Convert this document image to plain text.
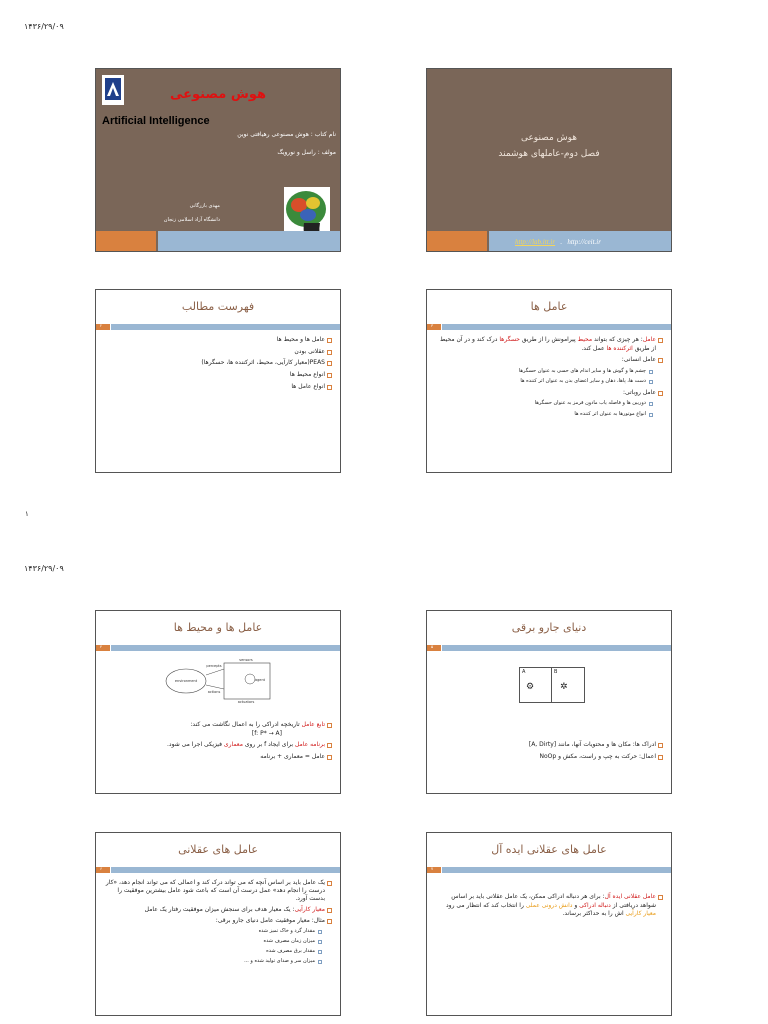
۱۴۳۶/۲۹/۰۹
۱
۱۴۳۶/۲۹/۰۹
هوش مصنوعی
Artificial Intelligence
نام کتاب : هوش مصنوعی رهیافتی نوین
مولف : راسل و نورویگ
مهدی بازرگانی
دانشگاه آزاد اسلامی زنجان
هوش مصنوعی
فصل دوم-عاملهای هوشمند
http://lab.itt.ir   .   http://ceit.ir
فهرست مطالب
۲
عامل ها و محیط ها
عقلانی بودن
PEAS(معیار کارآیی، محیط، اثرکننده ها، حسگرها)
انواع محیط ها
انواع عامل ها
عامل ها
۳
عامل: هر چیزی که بتواند محیط پیرامونش را از طریق حسگرها درک کند و در آن محیط از طریق اثرکننده ها عمل کند.
عامل انسانی:
چشم ها و گوش ها و سایر اندام های حسی به عنوان حسگرها
دست ها، پاها، دهان و سایر اعضای بدن به عنوان اثر کننده ها
عامل روباتی:
دوربین ها و فاصله یاب مادون قرمز به عنوان حسگرها
انواع موتورها به عنوان اثر کننده ها
عامل ها و محیط ها
۴
environment
sensors
percepts
actions
agent
actuators
تابع عامل تاریخچه ادراکی را به اعمال نگاشت می کند:
[f: P* → A]
برنامه عامل برای ایجاد f بر روی معماری فیزیکی اجرا می شود.
عامل = معماری + برنامه
دنیای جارو برقی
۵
A
⚙
B
✲
ادراک ها: مکان ها و محتویات آنها، مانند [A, Dirty]
اعمال: حرکت به چپ و راست، مکش و NoOp
عامل های عقلانی
۶
یک عامل باید بر اساس آنچه که می تواند درک کند و اعمالی که می تواند انجام دهد، «کار درست را انجام دهد» عمل درست آن است که باعث شود عامل بیشترین موفقیت را بدست آورد.
معیار کارآیی: یک معیار هدف برای سنجش میزان موفقیت رفتار یک عامل
مثال: معیار موفقیت عامل دنیای جارو برقی:
مقدار گرد و خاک تمیز شده
میزان زمان مصرف شده
مقدار برق مصرف شده
میزان سر و صدای تولید شده و ...
عامل های عقلانی ایده آل
۷
عامل عقلانی ایده آل: برای هر دنباله ادراکی ممکن، یک عامل عقلانی باید بر اساس شواهد دریافتی از دنباله ادراکی و دانش درونی عملی را انتخاب کند که انتظار می رود معیار کارآیی اش را به حداکثر برساند.
